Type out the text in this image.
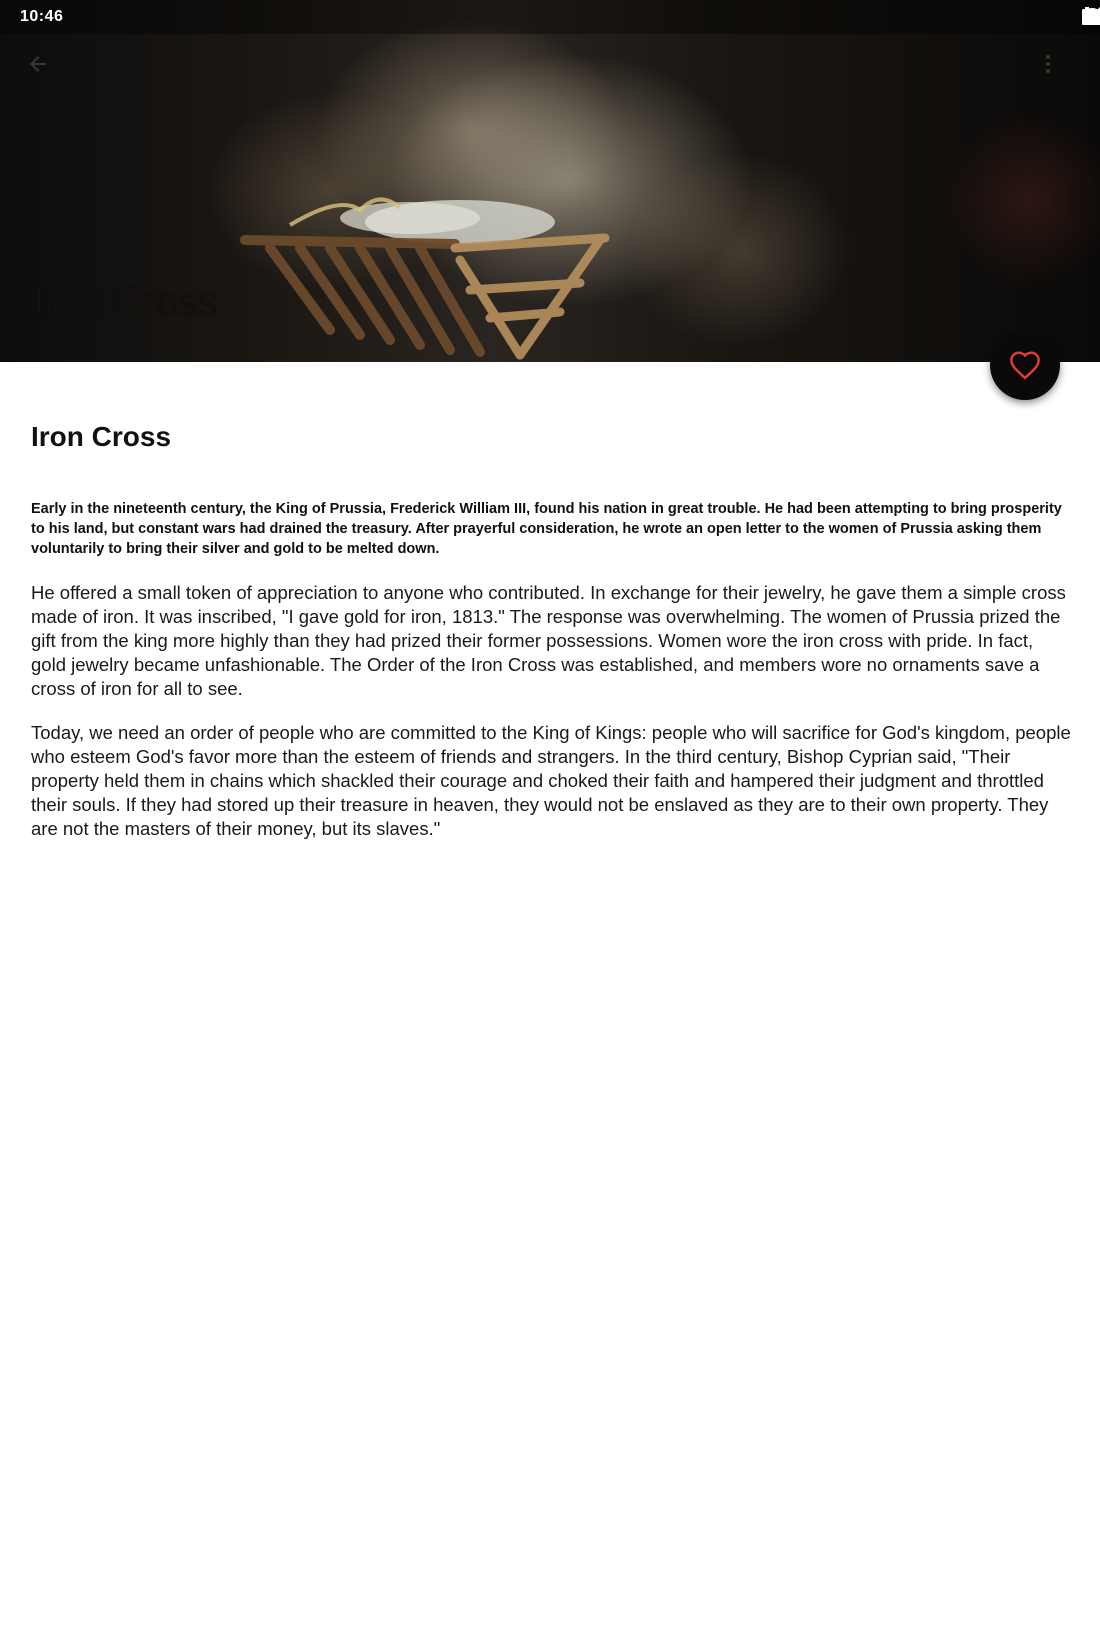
10:46
Iron Cross
Iron Cross

Early in the nineteenth century, the King of Prussia, Frederick William III, found his nation in great trouble. He had been attempting to bring prosperity to his land, but constant wars had drained the treasury. After prayerful consideration, he wrote an open letter to the women of Prussia asking them voluntarily to bring their silver and gold to be melted down.

He offered a small token of appreciation to anyone who contributed. In exchange for their jewelry, he gave them a simple cross made of iron. It was inscribed, "I gave gold for iron, 1813." The response was overwhelming. The women of Prussia prized the gift from the king more highly than they had prized their former possessions. Women wore the iron cross with pride. In fact, gold jewelry became unfashionable. The Order of the Iron Cross was established, and members wore no ornaments save a cross of iron for all to see.

Today, we need an order of people who are committed to the King of Kings: people who will sacrifice for God's kingdom, people who esteem God's favor more than the esteem of friends and strangers. In the third century, Bishop Cyprian said, "Their property held them in chains which shackled their courage and choked their faith and hampered their judgment and throttled their souls. If they had stored up their treasure in heaven, they would not be enslaved as they are to their own property. They are not the masters of their money, but its slaves."
